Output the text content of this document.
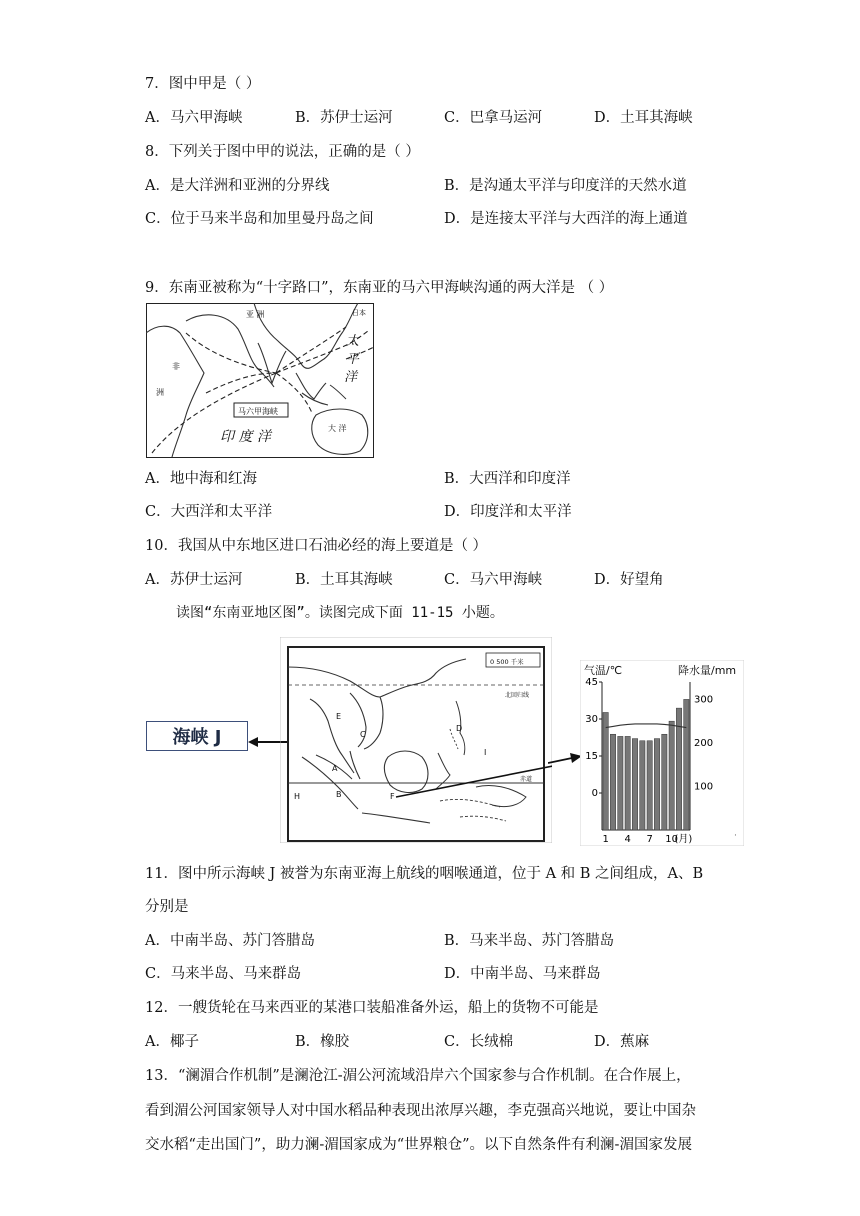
7．图中甲是（ ）
A．马六甲海峡	B．苏伊士运河	C．巴拿马运河	D．土耳其海峡
8．下列关于图中甲的说法，正确的是（ ）
A．是大洋洲和亚洲的分界线	B．是沟通太平洋与印度洋的天然水道
C．位于马来半岛和加里曼丹岛之间	D．是连接太平洋与大西洋的海上通道
9．东南亚被称为“十字路口”，东南亚的马六甲海峡沟通的两大洋是 （ ）
亚 洲	日本
太
平
洋
非
洲
马六甲海峡
印 度 洋
大 洋
A．地中海和红海	B．大西洋和印度洋
C．大西洋和太平洋	D．印度洋和太平洋
10．我国从中东地区进口石油必经的海上要道是（ ）
A．苏伊士运河	B．土耳其海峡	C．马六甲海峡	D．好望角
读图“东南亚地区图”。读图完成下面 11-15 小题。
海峡 J
0 500 千米
北回归线
赤道
E
C
A
B
H
D
I
F
气温/℃	降水量/mm
45
30
15
0
300
200
100
1 4 7 10
(月)	·
11．图中所示海峡 J 被誉为东南亚海上航线的咽喉通道，位于 A 和 B 之间组成，A、B
分别是
A．中南半岛、苏门答腊岛	B．马来半岛、苏门答腊岛
C．马来半岛、马来群岛	D．中南半岛、马来群岛
12．一艘货轮在马来西亚的某港口装船准备外运，船上的货物不可能是
A．椰子	B．橡胶	C．长绒棉	D．蕉麻
13．“澜湄合作机制”是澜沧江-湄公河流域沿岸六个国家参与合作机制。在合作展上，
看到湄公河国家领导人对中国水稻品种表现出浓厚兴趣，李克强高兴地说，要让中国杂
交水稻“走出国门”，助力澜-湄国家成为“世界粮仓”。以下自然条件有利澜-湄国家发展
